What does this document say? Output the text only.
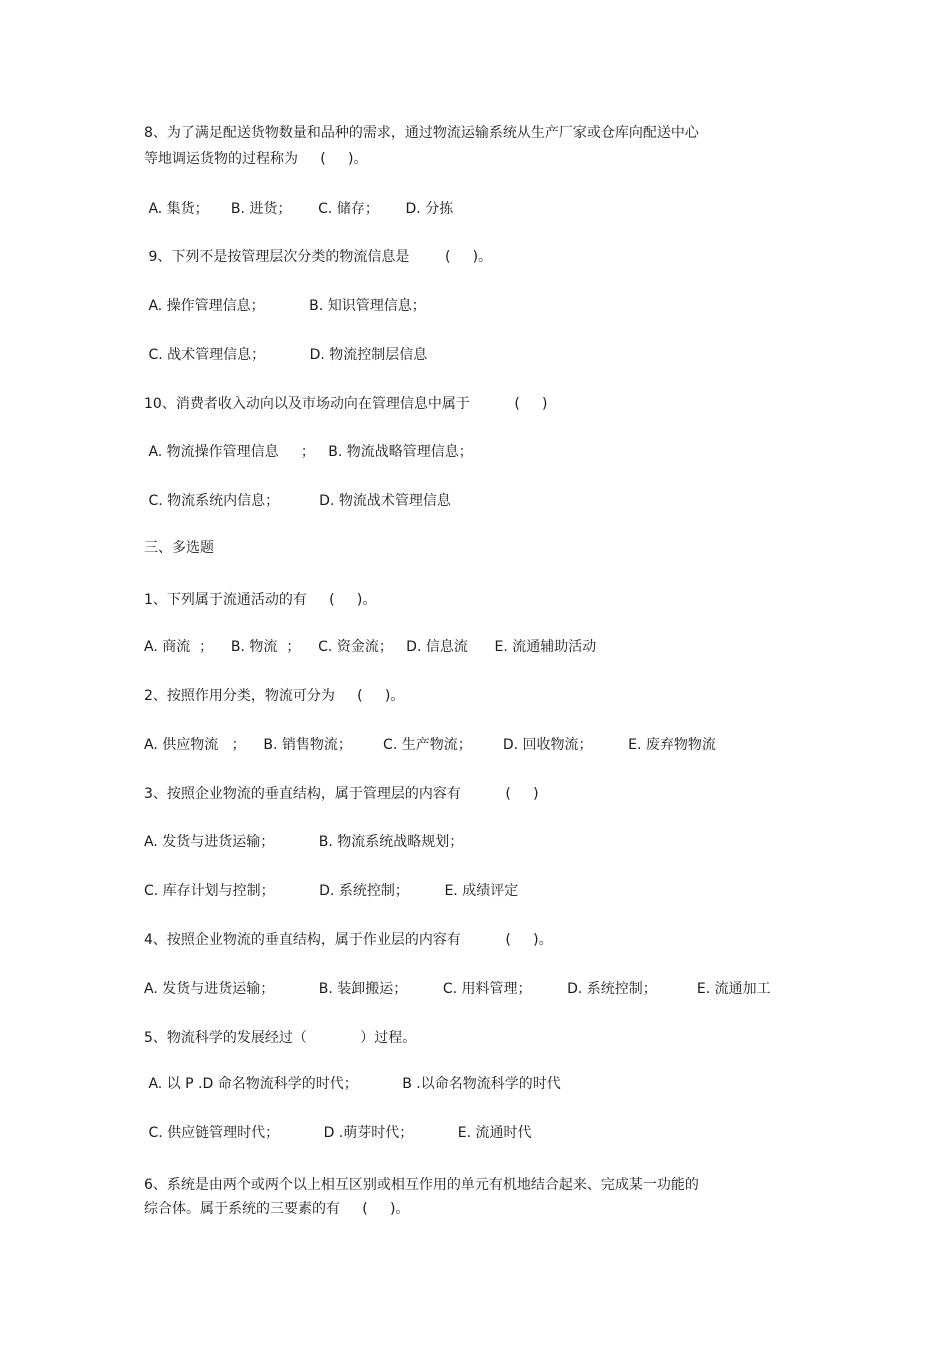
8、为了满足配送货物数量和品种的需求，通过物流运输系统从生产厂家或仓库向配送中心
等地调运货物的过程称为     (     )。
A. 集货；     B. 进货；      C. 储存；      D. 分拣
9、下列不是按管理层次分类的物流信息是        (     )。
A. 操作管理信息；          B. 知识管理信息；
C. 战术管理信息；          D. 物流控制层信息
10、消费者收入动向以及市场动向在管理信息中属于          (     )
A. 物流操作管理信息     ；   B. 物流战略管理信息；
C. 物流系统内信息；         D. 物流战术管理信息
三、多选题
1、下列属于流通活动的有     (     )。
A. 商流  ；    B. 物流  ；    C. 资金流；   D. 信息流      E. 流通辅助活动
2、按照作用分类，物流可分为     (     )。
A. 供应物流   ；    B. 销售物流；       C. 生产物流；       D. 回收物流；        E. 废弃物物流
3、按照企业物流的垂直结构，属于管理层的内容有          (     )
A. 发货与进货运输；          B. 物流系统战略规划；
C. 库存计划与控制；          D. 系统控制；        E. 成绩评定
4、按照企业物流的垂直结构，属于作业层的内容有          (     )。
A. 发货与进货运输；          B. 装卸搬运；        C. 用料管理；        D. 系统控制；         E. 流通加工
5、物流科学的发展经过（            ）过程。
A. 以 P .D 命名物流科学的时代；          B .以命名物流科学的时代
C. 供应链管理时代；          D .萌芽时代；          E. 流通时代
6、系统是由两个或两个以上相互区别或相互作用的单元有机地结合起来、完成某一功能的
综合体。属于系统的三要素的有     (     )。
